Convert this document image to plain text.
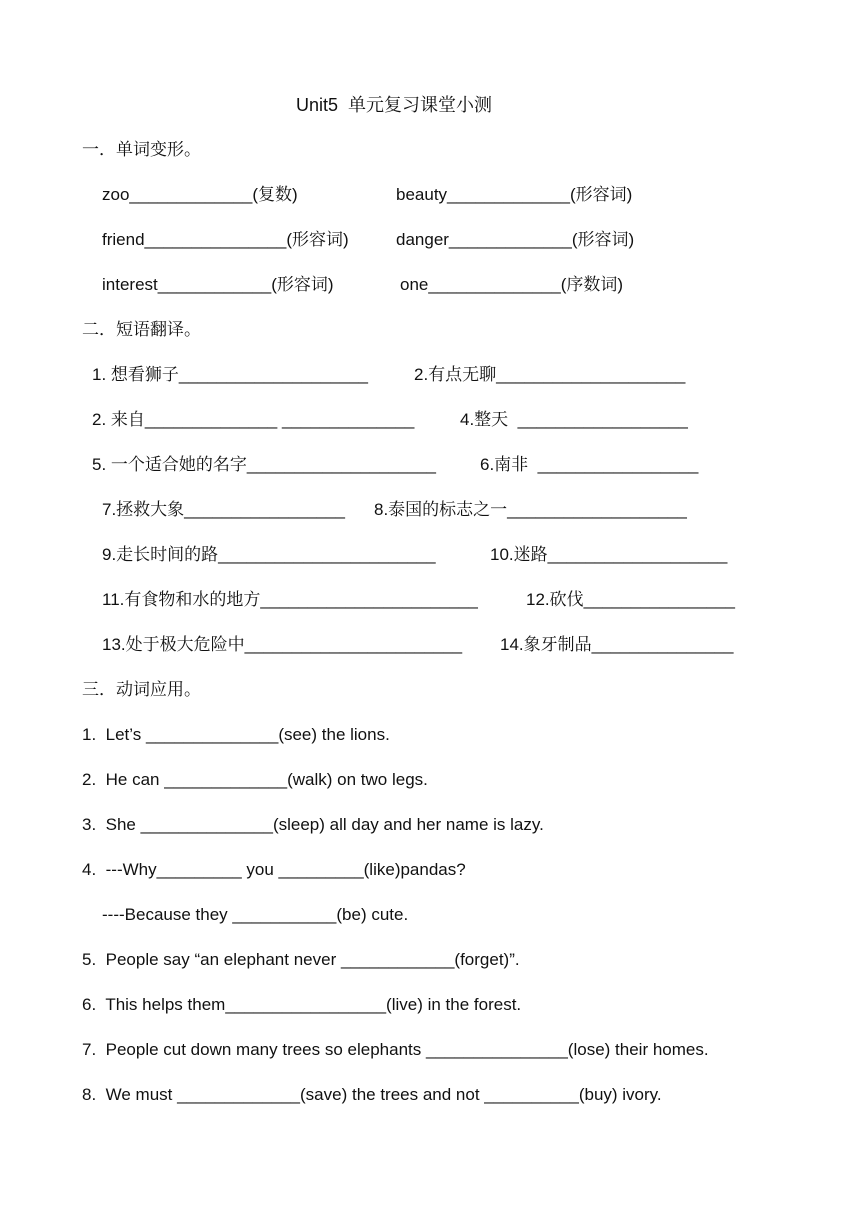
Unit5  单元复习课堂小测
一．单词变形。
zoo_____________(复数)	beauty_____________(形容词)
friend_______________(形容词)	danger_____________(形容词)
interest____________(形容词)	one______________(序数词)
二．短语翻译。
1. 想看狮子____________________	2.有点无聊____________________
2. 来自______________ ______________	4.整天  __________________
5. 一个适合她的名字____________________	6.南非  _________________
7.拯救大象_________________ 8.泰国的标志之一___________________
9.走长时间的路_______________________	10.迷路___________________
11.有食物和水的地方_______________________	12.砍伐________________
13.处于极大危险中_______________________ 14.象牙制品_______________
三．动词应用。
1.  Let’s ______________(see) the lions.
2.  He can _____________(walk) on two legs.
3.  She ______________(sleep) all day and her name is lazy.
4.  ---Why_________ you _________(like)pandas?
----Because they ___________(be) cute.
5.  People say “an elephant never ____________(forget)”.
6.  This helps them_________________(live) in the forest.
7.  People cut down many trees so elephants _______________(lose) their homes.
8.  We must _____________(save) the trees and not __________(buy) ivory.
